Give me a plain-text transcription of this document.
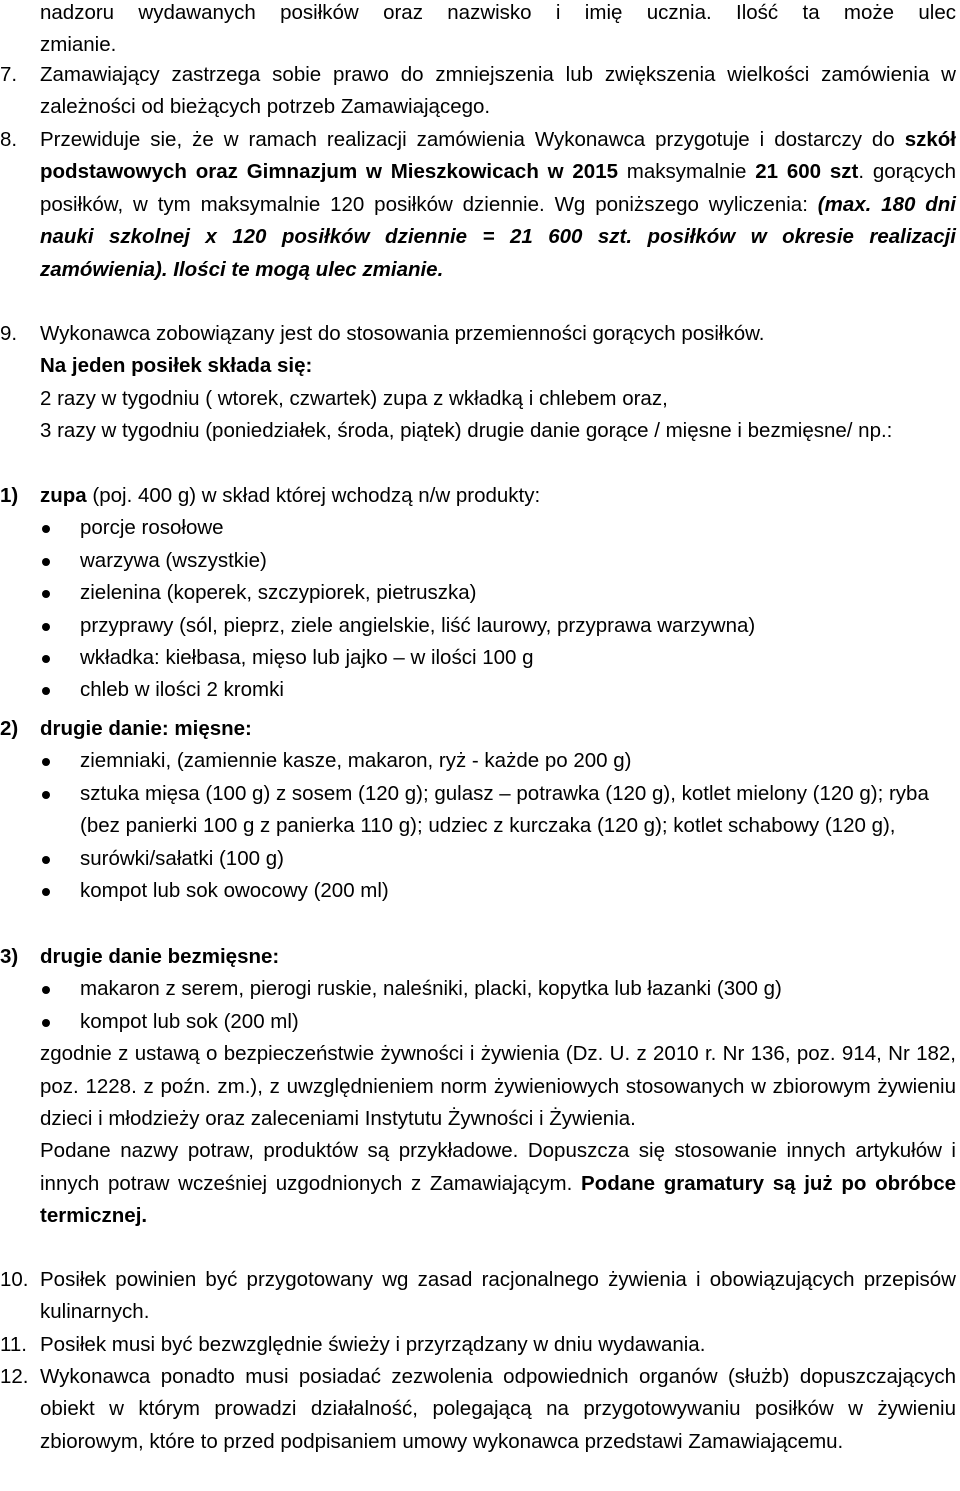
nadzoru wydawanych posiłków oraz nazwisko i imię ucznia. Ilość ta może ulec
zmianie.
7.	Zamawiający zastrzega sobie prawo do zmniejszenia lub zwiększenia wielkości zamówienia w zależności od bieżących potrzeb Zamawiającego.
8.	Przewiduje sie, że w ramach realizacji zamówienia Wykonawca przygotuje i dostarczy do szkół podstawowych oraz Gimnazjum w Mieszkowicach w 2015 maksymalnie 21 600 szt. gorących posiłków, w tym maksymalnie 120 posiłków dziennie. Wg poniższego wyliczenia: (max. 180 dni nauki szkolnej x 120 posiłków dziennie = 21 600 szt. posiłków w okresie realizacji zamówienia). Ilości te mogą ulec zmianie.
9.	Wykonawca zobowiązany jest do stosowania przemienności gorących posiłków.
Na jeden posiłek składa się:
2 razy w tygodniu ( wtorek, czwartek) zupa z wkładką i chlebem oraz,
3 razy w tygodniu (poniedziałek, środa, piątek) drugie danie gorące / mięsne i bezmięsne/ np.:
1)	zupa (poj. 400 g) w skład której wchodzą n/w produkty:
porcje rosołowe
warzywa (wszystkie)
zielenina (koperek, szczypiorek, pietruszka)
przyprawy (sól, pieprz, ziele angielskie, liść laurowy, przyprawa warzywna)
wkładka: kiełbasa, mięso lub jajko – w ilości 100 g
chleb w ilości 2 kromki
2)	drugie danie: mięsne:
ziemniaki, (zamiennie kasze, makaron, ryż - każde po 200 g)
sztuka mięsa (100 g) z sosem (120 g); gulasz – potrawka (120 g), kotlet mielony (120 g); ryba (bez panierki 100 g z panierka 110 g); udziec z kurczaka (120 g); kotlet schabowy (120 g),
surówki/sałatki (100 g)
kompot lub sok owocowy (200 ml)
3)	drugie danie bezmięsne:
makaron z serem, pierogi ruskie, naleśniki, placki, kopytka lub łazanki (300 g)
kompot lub sok (200 ml)
zgodnie z ustawą o bezpieczeństwie żywności i żywienia (Dz. U. z 2010 r. Nr 136, poz. 914, Nr 182, poz. 1228. z poźn. zm.), z uwzględnieniem norm żywieniowych stosowanych w zbiorowym żywieniu dzieci i młodzieży oraz zaleceniami Instytutu Żywności i Żywienia.
Podane nazwy potraw, produktów są przykładowe. Dopuszcza się stosowanie innych artykułów i innych potraw wcześniej uzgodnionych z Zamawiającym. Podane gramatury są już po obróbce termicznej.
10. Posiłek powinien być przygotowany wg zasad racjonalnego żywienia i obowiązujących przepisów kulinarnych.
11. Posiłek musi być bezwzględnie świeży i przyrządzany w dniu wydawania.
12. Wykonawca ponadto musi posiadać zezwolenia odpowiednich organów (służb) dopuszczających obiekt w którym prowadzi działalność, polegającą na przygotowywaniu posiłków w żywieniu zbiorowym, które to przed podpisaniem umowy wykonawca przedstawi Zamawiającemu.
